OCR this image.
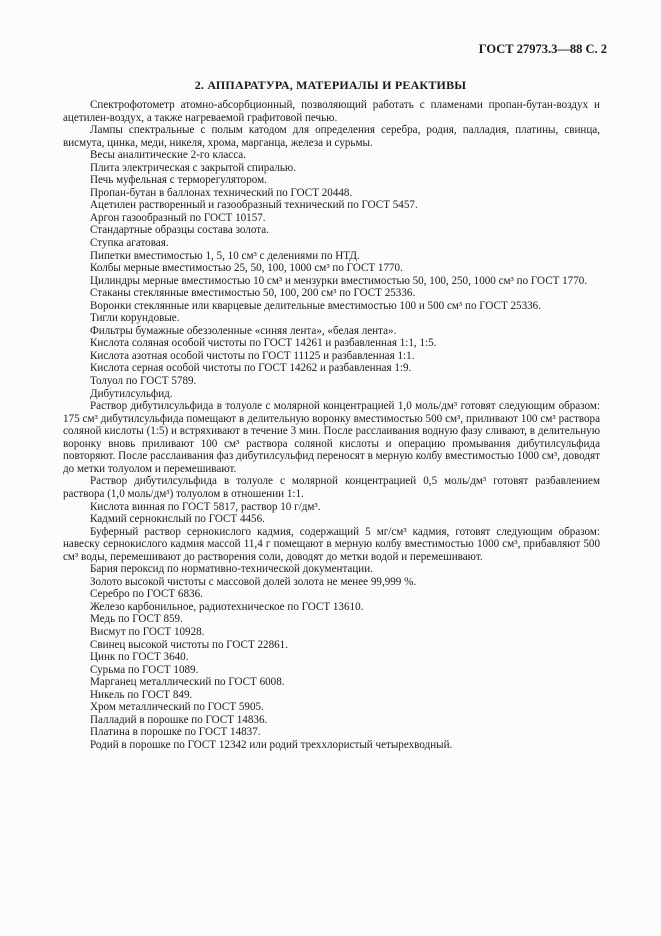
ГОСТ 27973.3—88 С. 2
2. АППАРАТУРА, МАТЕРИАЛЫ И РЕАКТИВЫ

Спектрофотометр атомно-абсорбционный, позволяющий работать с пламенами пропан-бутан-воздух и ацетилен-воздух, а также нагреваемой графитовой печью.

Лампы спектральные с полым катодом для определения серебра, родия, палладия, платины, свинца, висмута, цинка, меди, никеля, хрома, марганца, железа и сурьмы.

Весы аналитические 2-го класса.

Плита электрическая с закрытой спиралью.

Печь муфельная с терморегулятором.

Пропан-бутан в баллонах технический по ГОСТ 20448.

Ацетилен растворенный и газообразный технический по ГОСТ 5457.

Аргон газообразный по ГОСТ 10157.

Стандартные образцы состава золота.

Ступка агатовая.

Пипетки вместимостью 1, 5, 10 см³ с делениями по НТД.

Колбы мерные вместимостью 25, 50, 100, 1000 см³ по ГОСТ 1770.

Цилиндры мерные вместимостью 10 см³ и мензурки вместимостью 50, 100, 250, 1000 см³ по ГОСТ 1770.

Стаканы стеклянные вместимостью 50, 100, 200 см³ по ГОСТ 25336.

Воронки стеклянные или кварцевые делительные вместимостью 100 и 500 см³ по ГОСТ 25336.

Тигли корундовые.

Фильтры бумажные обеззоленные «синяя лента», «белая лента».

Кислота соляная особой чистоты по ГОСТ 14261 и разбавленная 1:1, 1:5.

Кислота азотная особой чистоты по ГОСТ 11125 и разбавленная 1:1.

Кислота серная особой чистоты по ГОСТ 14262 и разбавленная 1:9.

Толуол по ГОСТ 5789.

Дибутилсульфид.

Раствор дибутилсульфида в толуоле с молярной концентрацией 1,0 моль/дм³ готовят следующим образом: 175 см³ дибутилсульфида помещают в делительную воронку вместимостью 500 см³, приливают 100 см³ раствора соляной кислоты (1:5) и встряхивают в течение 3 мин. После расслаивания водную фазу сливают, в делительную воронку вновь приливают 100 см³ раствора соляной кислоты и операцию промывания дибутилсульфида повторяют. После расслаивания фаз дибутилсульфид переносят в мерную колбу вместимостью 1000 см³, доводят до метки толуолом и перемешивают.

Раствор дибутилсульфида в толуоле с молярной концентрацией 0,5 моль/дм³ готовят разбавлением раствора (1,0 моль/дм³) толуолом в отношении 1:1.

Кислота винная по ГОСТ 5817, раствор 10 г/дм³.

Кадмий сернокислый по ГОСТ 4456.

Буферный раствор сернокислого кадмия, содержащий 5 мг/см³ кадмия, готовят следующим образом: навеску сернокислого кадмия массой 11,4 г помещают в мерную колбу вместимостью 1000 см³, прибавляют 500 см³ воды, перемешивают до растворения соли, доводят до метки водой и перемешивают.

Бария пероксид по нормативно-технической документации.

Золото высокой чистоты с массовой долей золота не менее 99,999 %.

Серебро по ГОСТ 6836.

Железо карбонильное, радиотехническое по ГОСТ 13610.

Медь по ГОСТ 859.

Висмут по ГОСТ 10928.

Свинец высокой чистоты по ГОСТ 22861.

Цинк по ГОСТ 3640.

Сурьма по ГОСТ 1089.

Марганец металлический по ГОСТ 6008.

Никель по ГОСТ 849.

Хром металлический по ГОСТ 5905.

Палладий в порошке по ГОСТ 14836.

Платина в порошке по ГОСТ 14837.

Родий в порошке по ГОСТ 12342 или родий треххлористый четырехводный.
